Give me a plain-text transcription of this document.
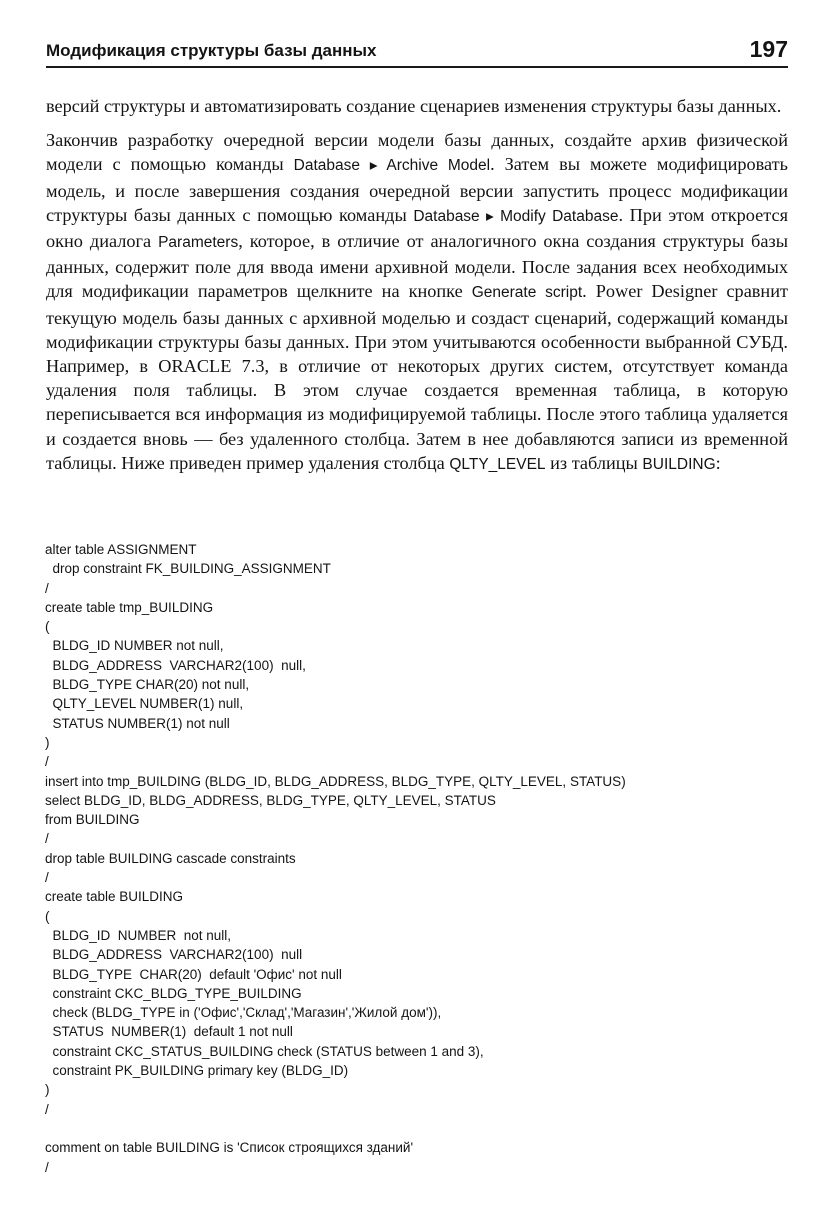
Модификация структуры базы данных	197

версий структуры и автоматизировать создание сценариев изменения структуры базы данных.

Закончив разработку очередной версии модели базы данных, создайте архив физической модели с помощью команды Database ▸ Archive Model. Затем вы можете модифицировать модель, и после завершения создания очередной версии запустить процесс модификации структуры базы данных с помощью команды Database ▸ Modify Database. При этом откроется окно диалога Parameters, которое, в отличие от аналогичного окна создания структуры базы данных, содержит поле для ввода имени архивной модели. После задания всех необходимых для модификации параметров щелкните на кнопке Generate script. Power Designer сравнит текущую модель базы данных с архивной моделью и создаст сценарий, содержащий команды модификации структуры базы данных. При этом учитываются особенности выбранной СУБД. Например, в ORACLE 7.3, в отличие от некоторых других систем, отсутствует команда удаления поля таблицы. В этом случае создается временная таблица, в которую переписывается вся информация из модифицируемой таблицы. После этого таблица удаляется и создается вновь — без удаленного столбца. Затем в нее добавляются записи из временной таблицы. Ниже приведен пример удаления столбца QLTY_LEVEL из таблицы BUILDING:

alter table ASSIGNMENT
drop constraint FK_BUILDING_ASSIGNMENT
/
create table tmp_BUILDING
(
BLDG_ID NUMBER not null,
BLDG_ADDRESS  VARCHAR2(100)  null,
BLDG_TYPE CHAR(20) not null,
QLTY_LEVEL NUMBER(1) null,
STATUS NUMBER(1) not null
)
/
insert into tmp_BUILDING (BLDG_ID, BLDG_ADDRESS, BLDG_TYPE, QLTY_LEVEL, STATUS)
select BLDG_ID, BLDG_ADDRESS, BLDG_TYPE, QLTY_LEVEL, STATUS
from BUILDING
/
drop table BUILDING cascade constraints
/
create table BUILDING
(
BLDG_ID  NUMBER  not null,
BLDG_ADDRESS  VARCHAR2(100)  null
BLDG_TYPE  CHAR(20)  default 'Офис' not null
constraint CKC_BLDG_TYPE_BUILDING
check (BLDG_TYPE in ('Офис','Склад','Магазин','Жилой дом')),
STATUS  NUMBER(1)  default 1 not null
constraint CKC_STATUS_BUILDING check (STATUS between 1 and 3),
constraint PK_BUILDING primary key (BLDG_ID)
)
/
comment on table BUILDING is 'Список строящихся зданий'
/
